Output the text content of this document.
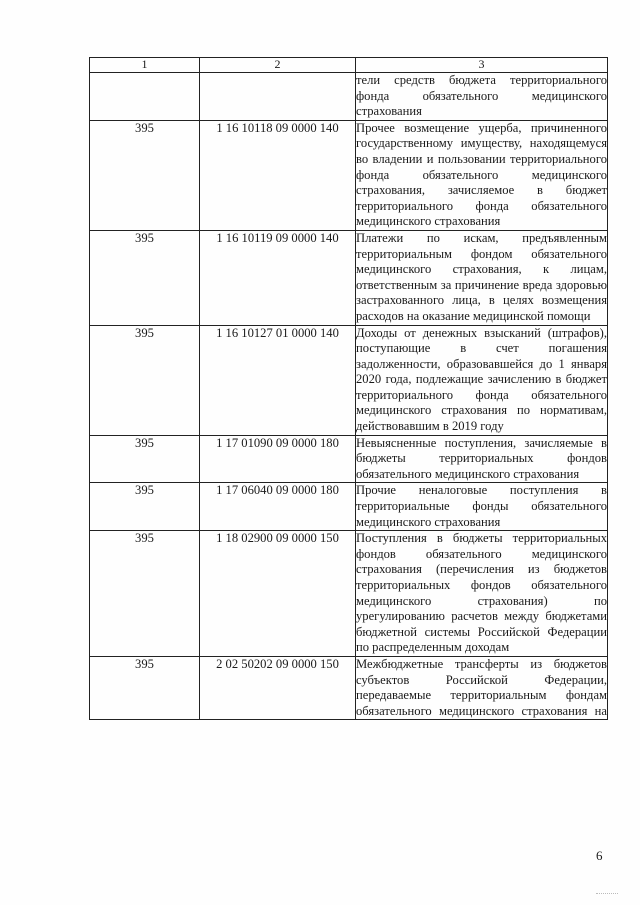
1	2	3
		тели средств бюджета территориального фонда обязательного медицинского страхования
395	1 16 10118 09 0000 140	Прочее возмещение ущерба, причиненного государственному имуществу, находящемуся во владении и пользовании территориального фонда обязательного медицинского страхования, зачисляемое в бюджет территориального фонда обязательного медицинского страхования
395	1 16 10119 09 0000 140	Платежи по искам, предъявленным территориальным фондом обязательного медицинского страхования, к лицам, ответственным за причинение вреда здоровью застрахованного лица, в целях возмещения расходов на оказание медицинской помощи
395	1 16 10127 01 0000 140	Доходы от денежных взысканий (штрафов), поступающие в счет погашения задолженности, образовавшейся до 1 января 2020 года, подлежащие зачислению в бюджет территориального фонда обязательного медицинского страхования по нормативам, действовавшим в 2019 году
395	1 17 01090 09 0000 180	Невыясненные поступления, зачисляемые в бюджеты территориальных фондов обязательного медицинского страхования
395	1 17 06040 09 0000 180	Прочие неналоговые поступления в территориальные фонды обязательного медицинского страхования
395	1 18 02900 09 0000 150	Поступления в бюджеты территориальных фондов обязательного медицинского страхования (перечисления из бюджетов территориальных фондов обязательного медицинского страхования) по урегулированию расчетов между бюджетами бюджетной системы Российской Федерации по распределенным доходам
395	2 02 50202 09 0000 150	Межбюджетные трансферты из бюджетов субъектов Российской Федерации, передаваемые территориальным фондам обязательного медицинского страхования на
6
